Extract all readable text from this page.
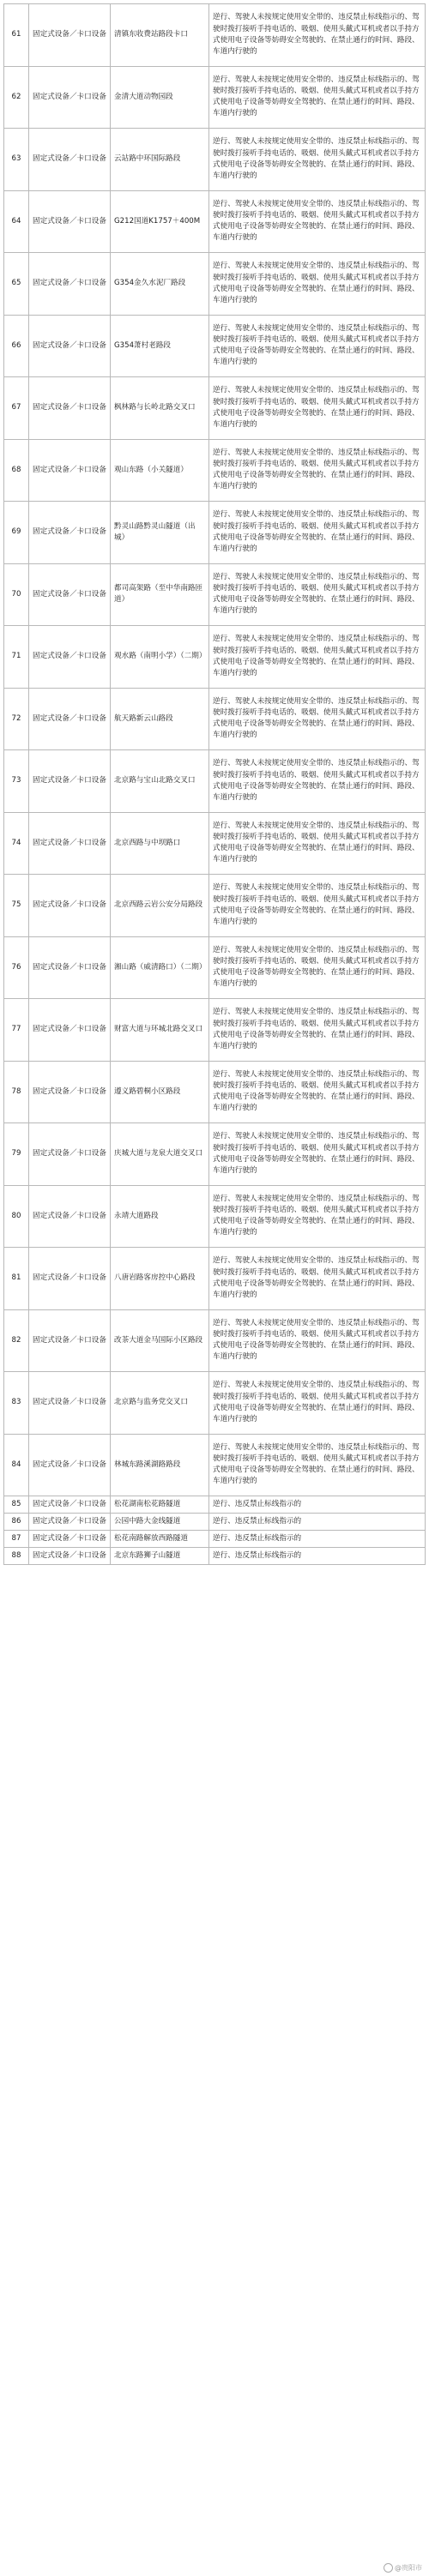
61	固定式设备／卡口设备	清镇东收费站路段卡口	逆行、驾驶人未按规定使用安全带的、违反禁止标线指示的、驾驶时拨打接听手持电话的、吸烟、使用头戴式耳机或者以手持方式使用电子设备等妨碍安全驾驶的、在禁止通行的时间、路段、车道内行驶的
62	固定式设备／卡口设备	金清大道动物园段	逆行、驾驶人未按规定使用安全带的、违反禁止标线指示的、驾驶时拨打接听手持电话的、吸烟、使用头戴式耳机或者以手持方式使用电子设备等妨碍安全驾驶的、在禁止通行的时间、路段、车道内行驶的
63	固定式设备／卡口设备	云站路中环国际路段	逆行、驾驶人未按规定使用安全带的、违反禁止标线指示的、驾驶时拨打接听手持电话的、吸烟、使用头戴式耳机或者以手持方式使用电子设备等妨碍安全驾驶的、在禁止通行的时间、路段、车道内行驶的
64	固定式设备／卡口设备	G212国道K1757＋400M	逆行、驾驶人未按规定使用安全带的、违反禁止标线指示的、驾驶时拨打接听手持电话的、吸烟、使用头戴式耳机或者以手持方式使用电子设备等妨碍安全驾驶的、在禁止通行的时间、路段、车道内行驶的
65	固定式设备／卡口设备	G354金久水泥厂路段	逆行、驾驶人未按规定使用安全带的、违反禁止标线指示的、驾驶时拨打接听手持电话的、吸烟、使用头戴式耳机或者以手持方式使用电子设备等妨碍安全驾驶的、在禁止通行的时间、路段、车道内行驶的
66	固定式设备／卡口设备	G354萧村老路段	逆行、驾驶人未按规定使用安全带的、违反禁止标线指示的、驾驶时拨打接听手持电话的、吸烟、使用头戴式耳机或者以手持方式使用电子设备等妨碍安全驾驶的、在禁止通行的时间、路段、车道内行驶的
67	固定式设备／卡口设备	枫林路与长岭北路交叉口	逆行、驾驶人未按规定使用安全带的、违反禁止标线指示的、驾驶时拨打接听手持电话的、吸烟、使用头戴式耳机或者以手持方式使用电子设备等妨碍安全驾驶的、在禁止通行的时间、路段、车道内行驶的
68	固定式设备／卡口设备	观山东路（小关隧道）	逆行、驾驶人未按规定使用安全带的、违反禁止标线指示的、驾驶时拨打接听手持电话的、吸烟、使用头戴式耳机或者以手持方式使用电子设备等妨碍安全驾驶的、在禁止通行的时间、路段、车道内行驶的
69	固定式设备／卡口设备	黔灵山路黔灵山隧道（出城）	逆行、驾驶人未按规定使用安全带的、违反禁止标线指示的、驾驶时拨打接听手持电话的、吸烟、使用头戴式耳机或者以手持方式使用电子设备等妨碍安全驾驶的、在禁止通行的时间、路段、车道内行驶的
70	固定式设备／卡口设备	都司高架路（至中华南路匝道）	逆行、驾驶人未按规定使用安全带的、违反禁止标线指示的、驾驶时拨打接听手持电话的、吸烟、使用头戴式耳机或者以手持方式使用电子设备等妨碍安全驾驶的、在禁止通行的时间、路段、车道内行驶的
71	固定式设备／卡口设备	观水路（南明小学）（二期）	逆行、驾驶人未按规定使用安全带的、违反禁止标线指示的、驾驶时拨打接听手持电话的、吸烟、使用头戴式耳机或者以手持方式使用电子设备等妨碍安全驾驶的、在禁止通行的时间、路段、车道内行驶的
72	固定式设备／卡口设备	航天路新云山路段	逆行、驾驶人未按规定使用安全带的、违反禁止标线指示的、驾驶时拨打接听手持电话的、吸烟、使用头戴式耳机或者以手持方式使用电子设备等妨碍安全驾驶的、在禁止通行的时间、路段、车道内行驶的
73	固定式设备／卡口设备	北京路与宝山北路交叉口	逆行、驾驶人未按规定使用安全带的、违反禁止标线指示的、驾驶时拨打接听手持电话的、吸烟、使用头戴式耳机或者以手持方式使用电子设备等妨碍安全驾驶的、在禁止通行的时间、路段、车道内行驶的
74	固定式设备／卡口设备	北京西路与中坝路口	逆行、驾驶人未按规定使用安全带的、违反禁止标线指示的、驾驶时拨打接听手持电话的、吸烟、使用头戴式耳机或者以手持方式使用电子设备等妨碍安全驾驶的、在禁止通行的时间、路段、车道内行驶的
75	固定式设备／卡口设备	北京西路云岩公安分局路段	逆行、驾驶人未按规定使用安全带的、违反禁止标线指示的、驾驶时拨打接听手持电话的、吸烟、使用头戴式耳机或者以手持方式使用电子设备等妨碍安全驾驶的、在禁止通行的时间、路段、车道内行驶的
76	固定式设备／卡口设备	湘山路（威清路口）（二期）	逆行、驾驶人未按规定使用安全带的、违反禁止标线指示的、驾驶时拨打接听手持电话的、吸烟、使用头戴式耳机或者以手持方式使用电子设备等妨碍安全驾驶的、在禁止通行的时间、路段、车道内行驶的
77	固定式设备／卡口设备	财富大道与环城北路交叉口	逆行、驾驶人未按规定使用安全带的、违反禁止标线指示的、驾驶时拨打接听手持电话的、吸烟、使用头戴式耳机或者以手持方式使用电子设备等妨碍安全驾驶的、在禁止通行的时间、路段、车道内行驶的
78	固定式设备／卡口设备	遵义路碧桐小区路段	逆行、驾驶人未按规定使用安全带的、违反禁止标线指示的、驾驶时拨打接听手持电话的、吸烟、使用头戴式耳机或者以手持方式使用电子设备等妨碍安全驾驶的、在禁止通行的时间、路段、车道内行驶的
79	固定式设备／卡口设备	庆城大道与龙泉大道交叉口	逆行、驾驶人未按规定使用安全带的、违反禁止标线指示的、驾驶时拨打接听手持电话的、吸烟、使用头戴式耳机或者以手持方式使用电子设备等妨碍安全驾驶的、在禁止通行的时间、路段、车道内行驶的
80	固定式设备／卡口设备	永靖大道路段	逆行、驾驶人未按规定使用安全带的、违反禁止标线指示的、驾驶时拨打接听手持电话的、吸烟、使用头戴式耳机或者以手持方式使用电子设备等妨碍安全驾驶的、在禁止通行的时间、路段、车道内行驶的
81	固定式设备／卡口设备	八唐岩路客房控中心路段	逆行、驾驶人未按规定使用安全带的、违反禁止标线指示的、驾驶时拨打接听手持电话的、吸烟、使用头戴式耳机或者以手持方式使用电子设备等妨碍安全驾驶的、在禁止通行的时间、路段、车道内行驶的
82	固定式设备／卡口设备	改茶大道金马国际小区路段	逆行、驾驶人未按规定使用安全带的、违反禁止标线指示的、驾驶时拨打接听手持电话的、吸烟、使用头戴式耳机或者以手持方式使用电子设备等妨碍安全驾驶的、在禁止通行的时间、路段、车道内行驶的
83	固定式设备／卡口设备	北京路与监务党交叉口	逆行、驾驶人未按规定使用安全带的、违反禁止标线指示的、驾驶时拨打接听手持电话的、吸烟、使用头戴式耳机或者以手持方式使用电子设备等妨碍安全驾驶的、在禁止通行的时间、路段、车道内行驶的
84	固定式设备／卡口设备	林城东路溪湖路路段	逆行、驾驶人未按规定使用安全带的、违反禁止标线指示的、驾驶时拨打接听手持电话的、吸烟、使用头戴式耳机或者以手持方式使用电子设备等妨碍安全驾驶的、在禁止通行的时间、路段、车道内行驶的
85	固定式设备／卡口设备	松花湖南松花路隧道	逆行、违反禁止标线指示的
86	固定式设备／卡口设备	公园中路大金线隧道	逆行、违反禁止标线指示的
87	固定式设备／卡口设备	松花南路解放西路隧道	逆行、违反禁止标线指示的
88	固定式设备／卡口设备	北京东路狮子山隧道	逆行、违反禁止标线指示的
@贵阳市
